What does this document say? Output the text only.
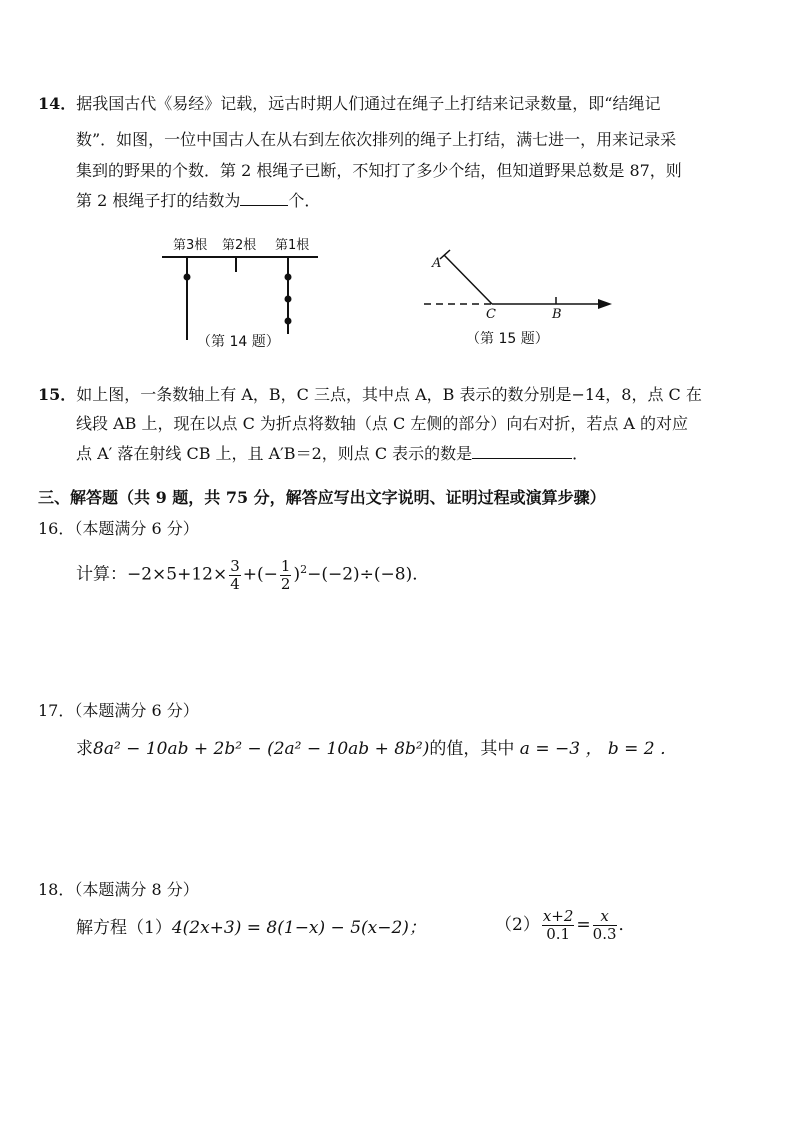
14．据我国古代《易经》记载，远古时期人们通过在绳子上打结来记录数量，即“结绳记
数”．如图，一位中国古人在从右到左依次排列的绳子上打结，满七进一，用来记录采
集到的野果的个数．第 2 根绳子已断，不知打了多少个结，但知道野果总数是 87，则
第 2 根绳子打的结数为	个．
第3根 第2根 第1根
（第 14 题）
A
C	B
（第 15 题）
15．如上图，一条数轴上有 A，B，C 三点，其中点 A，B 表示的数分别是−14，8，点 C 在
线段 AB 上，现在以点 C 为折点将数轴（点 C 左侧的部分）向右对折，若点 A 的对应
点 A′ 落在射线 CB 上，且 A′B＝2，则点 C 表示的数是	．
三、解答题（共 9 题，共 75 分，解答应写出文字说明、证明过程或演算步骤）
16．（本题满分 6 分）
计算：$-2\times 5+12\times \frac{3}{4}$ +(− $\frac{1}{2} )^2-(-2)\div(-8)$．
17．（本题满分 6 分）
求8a² − 10ab + 2b² − (2a² − 10ab + 8b²)的值，其中 a = −3 ， b = 2 ．
18．（本题满分 8 分）
解方程（1）4(2x+3) = 8(1−x) − 5(x−2)；	$(2) \frac{x+2}{0.1} = \frac{x}{0.3}$ ．
